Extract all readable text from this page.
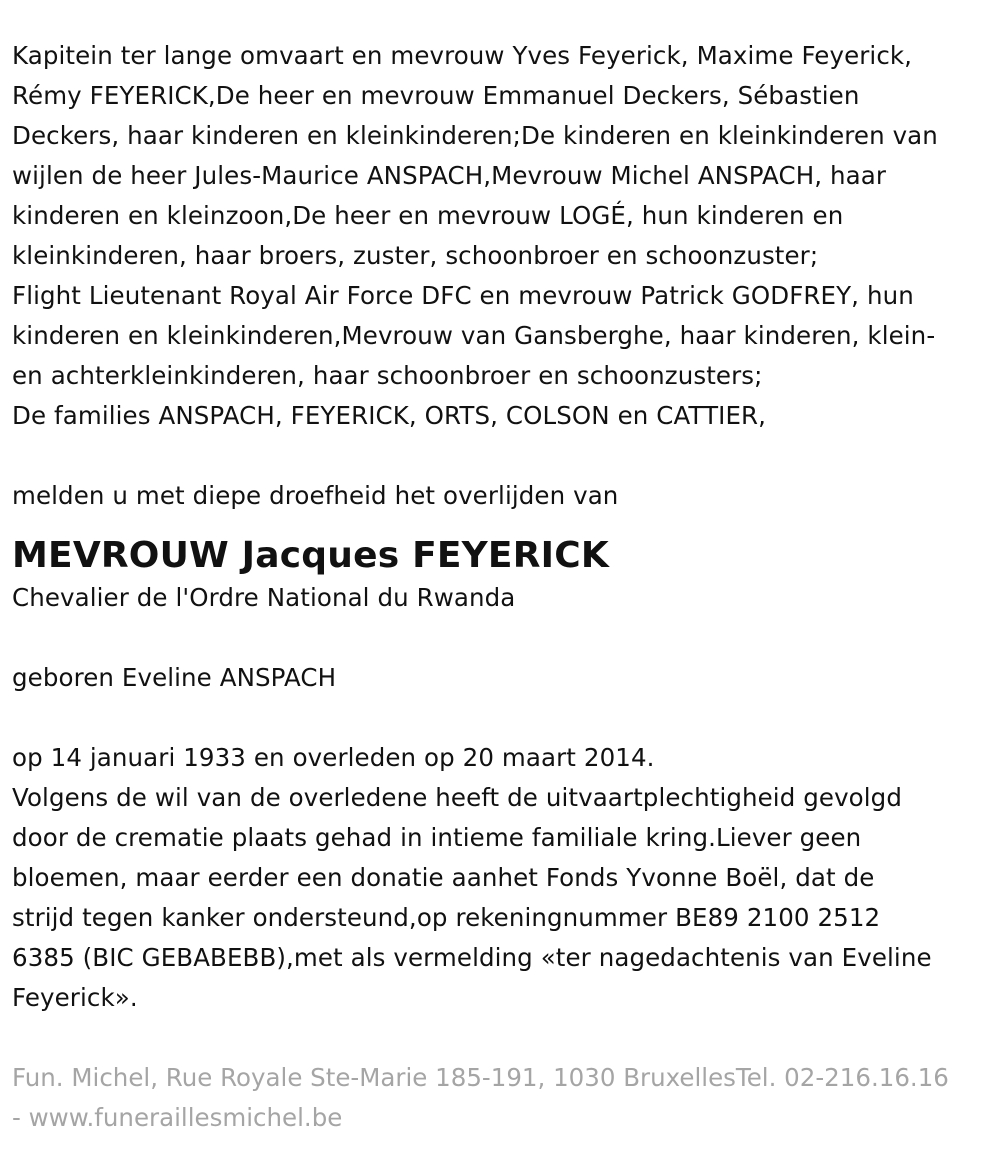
Kapitein ter lange omvaart en mevrouw Yves Feyerick, Maxime Feyerick,
Rémy FEYERICK,De heer en mevrouw Emmanuel Deckers, Sébastien
Deckers, haar kinderen en kleinkinderen;De kinderen en kleinkinderen van
wijlen de heer Jules-Maurice ANSPACH,Mevrouw Michel ANSPACH, haar
kinderen en kleinzoon,De heer en mevrouw LOGÉ, hun kinderen en
kleinkinderen, haar broers, zuster, schoonbroer en schoonzuster;
Flight Lieutenant Royal Air Force DFC en mevrouw Patrick GODFREY, hun
kinderen en kleinkinderen,Mevrouw van Gansberghe, haar kinderen, klein-
en achterkleinkinderen, haar schoonbroer en schoonzusters;
De families ANSPACH, FEYERICK, ORTS, COLSON en CATTIER,

melden u met diepe droefheid het overlijden van

MEVROUW Jacques FEYERICK

Chevalier de l'Ordre National du Rwanda

geboren Eveline ANSPACH

op 14 januari 1933 en overleden op 20 maart 2014.
Volgens de wil van de overledene heeft de uitvaartplechtigheid gevolgd
door de crematie plaats gehad in intieme familiale kring.Liever geen
bloemen, maar eerder een donatie aanhet Fonds Yvonne Boël, dat de
strijd tegen kanker ondersteund,op rekeningnummer BE89 2100 2512
6385 (BIC GEBABEBB),met als vermelding «ter nagedachtenis van Eveline
Feyerick».

Fun. Michel, Rue Royale Ste-Marie 185-191, 1030 BruxellesTel. 02-216.16.16
- www.funeraillesmichel.be
